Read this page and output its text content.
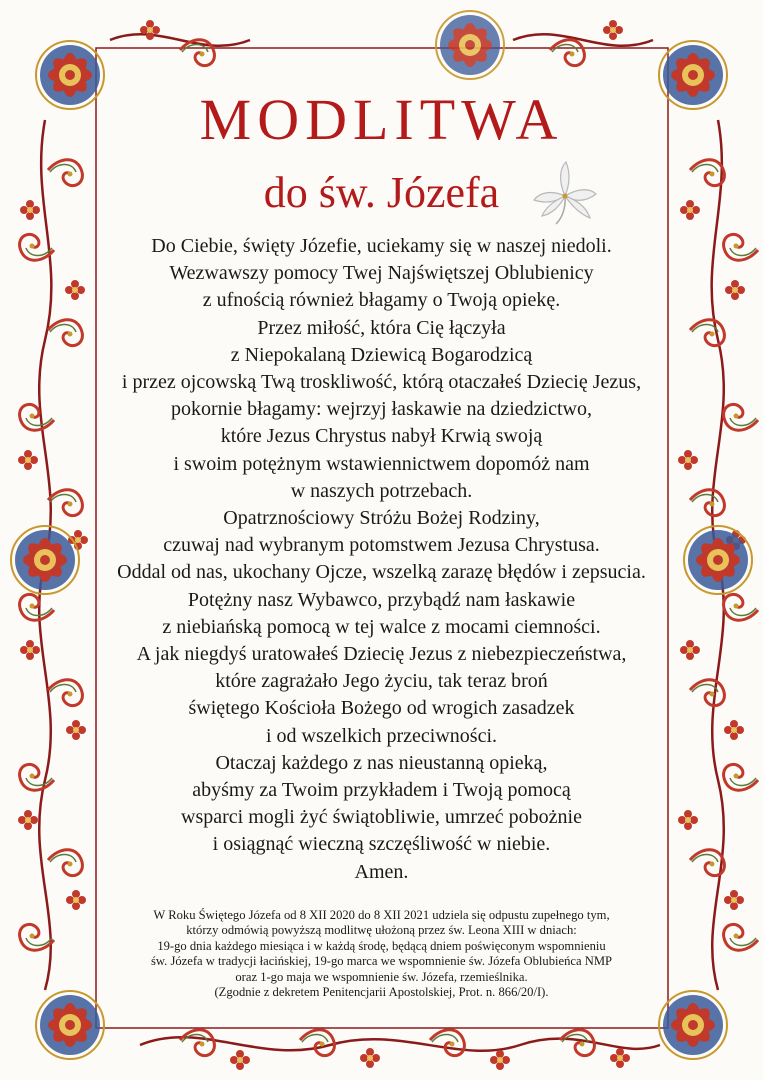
MODLITWA
do św. Józefa
Do Ciebie, święty Józefie, uciekamy się w naszej niedoli.
Wezwawszy pomocy Twej Najświętszej Oblubienicy
z ufnością również błagamy o Twoją opiekę.
Przez miłość, która Cię łączyła
z Niepokalaną Dziewicą Bogarodzicą
i przez ojcowską Twą troskliwość, którą otaczałeś Dziecię Jezus,
pokornie błagamy: wejrzyj łaskawie na dziedzictwo,
które Jezus Chrystus nabył Krwią swoją
i swoim potężnym wstawiennictwem dopomóż nam
w naszych potrzebach.
Opatrznościowy Stróżu Bożej Rodziny,
czuwaj nad wybranym potomstwem Jezusa Chrystusa.
Oddal od nas, ukochany Ojcze, wszelką zarazę błędów i zepsucia.
Potężny nasz Wybawco, przybądź nam łaskawie
z niebiańską pomocą w tej walce z mocami ciemności.
A jak niegdyś uratowałeś Dziecię Jezus z niebezpieczeństwa,
które zagrażało Jego życiu, tak teraz broń
świętego Kościoła Bożego od wrogich zasadzek
i od wszelkich przeciwności.
Otaczaj każdego z nas nieustanną opieką,
abyśmy za Twoim przykładem i Twoją pomocą
wsparci mogli żyć świątobliwie, umrzeć pobożnie
i osiągnąć wieczną szczęśliwość w niebie.
Amen.
W Roku Świętego Józefa od 8 XII 2020 do 8 XII 2021 udziela się odpustu zupełnego tym,
którzy odmówią powyższą modlitwę ułożoną przez św. Leona XIII w dniach:
19-go dnia każdego miesiąca i w każdą środę, będącą dniem poświęconym wspomnieniu
św. Józefa w tradycji łacińskiej, 19-go marca we wspomnienie św. Józefa Oblubieńca NMP
oraz 1-go maja we wspomnienie św. Józefa, rzemieślnika.
(Zgodnie z dekretem Penitencjarii Apostolskiej, Prot. n. 866/20/I).
